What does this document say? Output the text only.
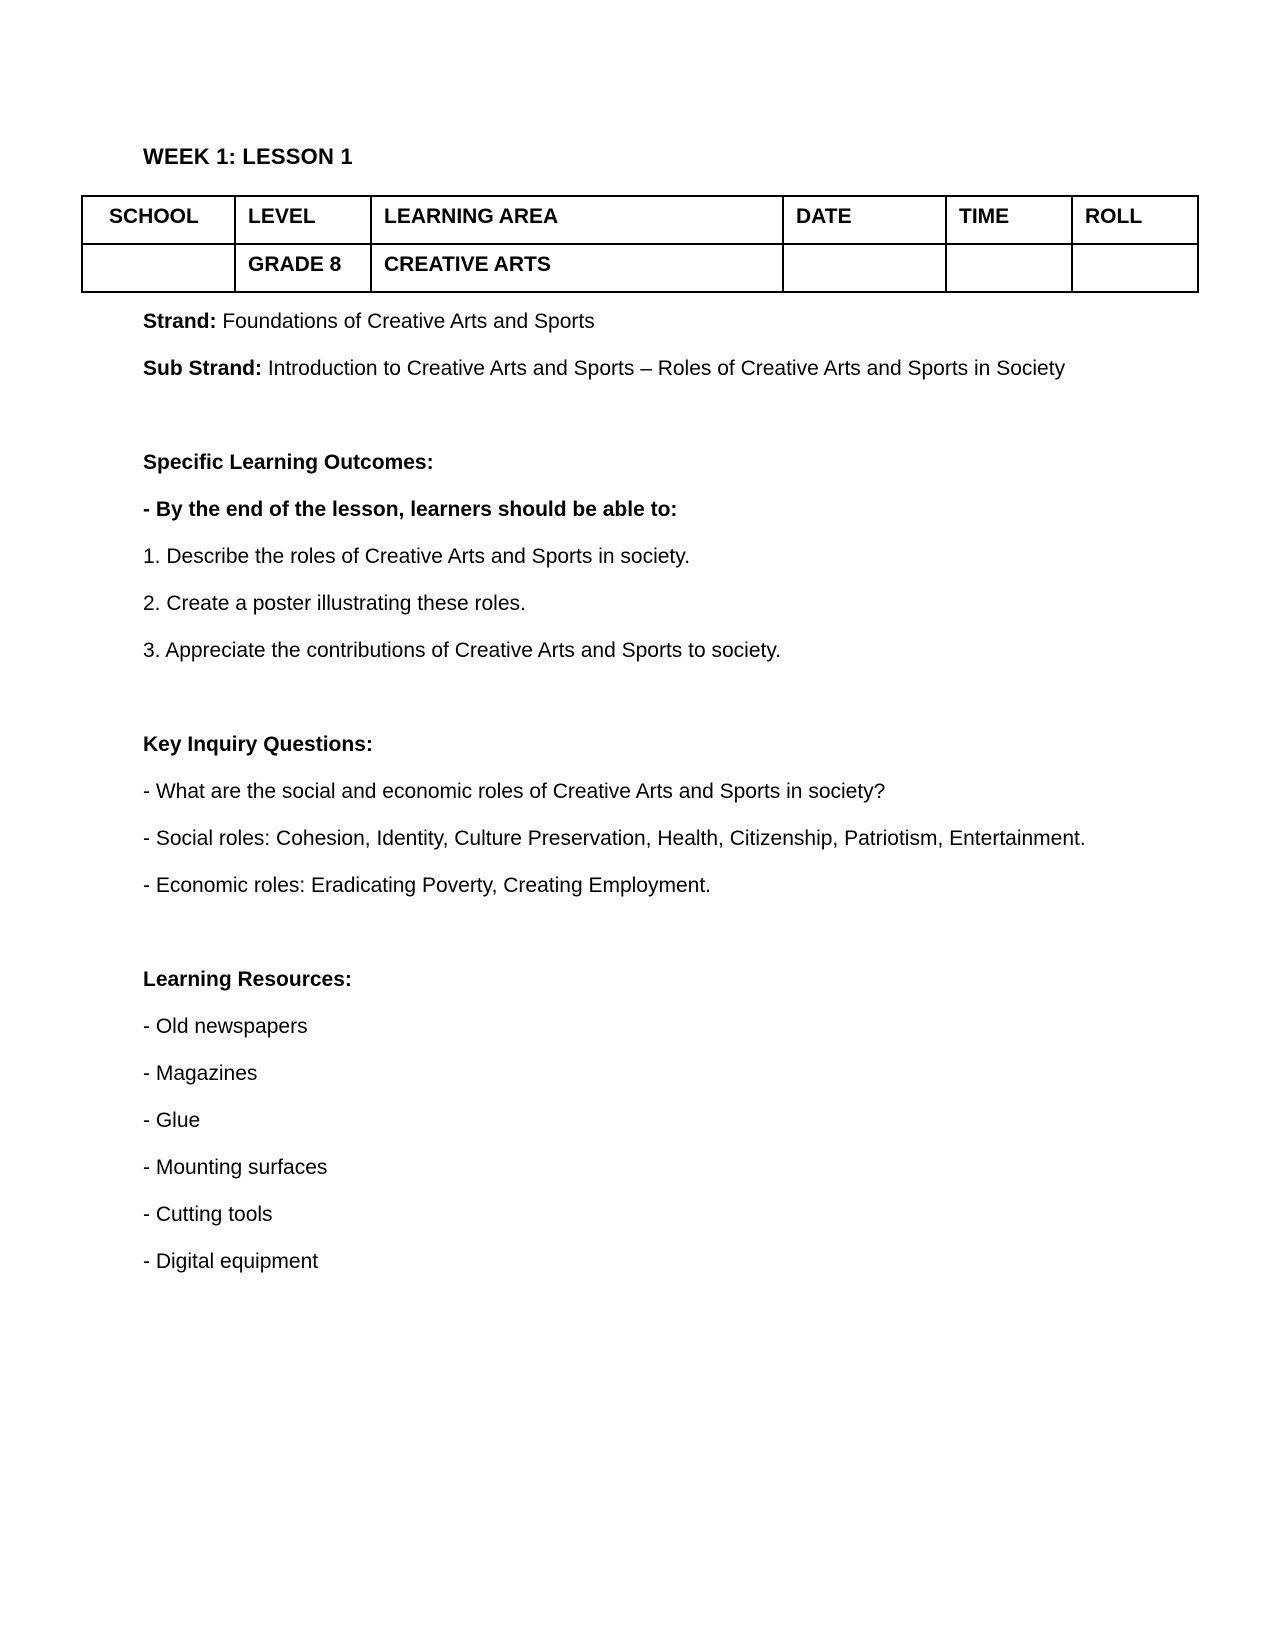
WEEK 1: LESSON 1
SCHOOL	LEVEL	LEARNING AREA	DATE	TIME	ROLL
	GRADE 8	CREATIVE ARTS			

Strand: Foundations of Creative Arts and Sports

Sub Strand: Introduction to Creative Arts and Sports – Roles of Creative Arts and Sports in Society

Specific Learning Outcomes:

- By the end of the lesson, learners should be able to:

1. Describe the roles of Creative Arts and Sports in society.

2. Create a poster illustrating these roles.

3. Appreciate the contributions of Creative Arts and Sports to society.

Key Inquiry Questions:

- What are the social and economic roles of Creative Arts and Sports in society?

- Social roles: Cohesion, Identity, Culture Preservation, Health, Citizenship, Patriotism, Entertainment.

- Economic roles: Eradicating Poverty, Creating Employment.

Learning Resources:

- Old newspapers

- Magazines

- Glue

- Mounting surfaces

- Cutting tools

- Digital equipment
